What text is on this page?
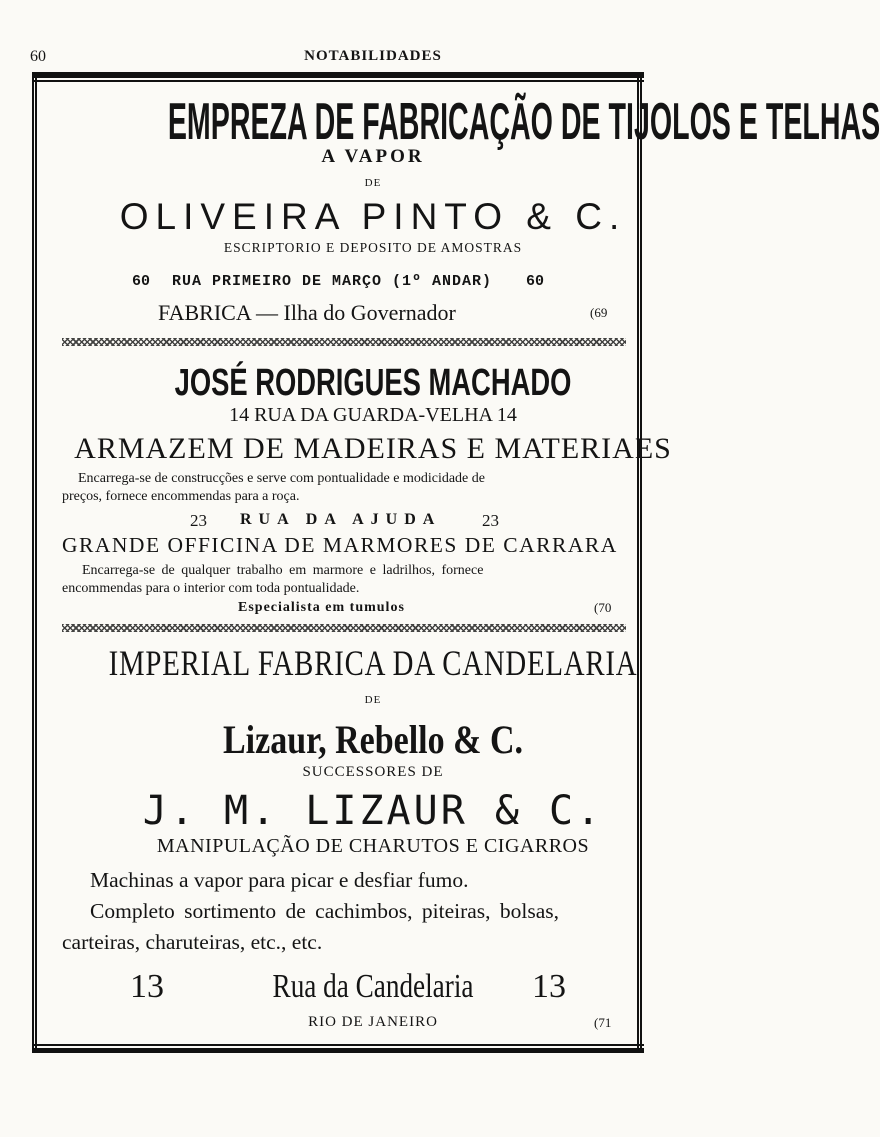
60	NOTABILIDADES
EMPREZA DE FABRICAÇÃO DE TIJOLOS E TELHAS
A VAPOR
DE
OLIVEIRA PINTO & C.
ESCRIPTORIO E DEPOSITO DE AMOSTRAS
60 RUA PRIMEIRO DE MARÇO (1º ANDAR) 60
FABRICA — Ilha do Governador	(69
JOSÉ RODRIGUES MACHADO
14 RUA DA GUARDA-VELHA 14
ARMAZEM DE MADEIRAS E MATERIAES
Encarrega-se de construcções e serve com pontualidade e modicidade de
preços, fornece encommendas para a roça.
23 RUA DA AJUDA 23
GRANDE OFFICINA DE MARMORES DE CARRARA
Encarrega-se de qualquer trabalho em marmore e ladrilhos, fornece
encommendas para o interior com toda pontualidade.
Especialista em tumulos	(70
IMPERIAL FABRICA DA CANDELARIA
DE
Lizaur, Rebello & C.
SUCCESSORES DE
J. M. LIZAUR & C.
MANIPULAÇÃO DE CHARUTOS E CIGARROS
Machinas a vapor para picar e desfiar fumo.
Completo sortimento de cachimbos, piteiras, bolsas,
carteiras, charuteiras, etc., etc.
13	Rua da Candelaria	13
RIO DE JANEIRO	(71
